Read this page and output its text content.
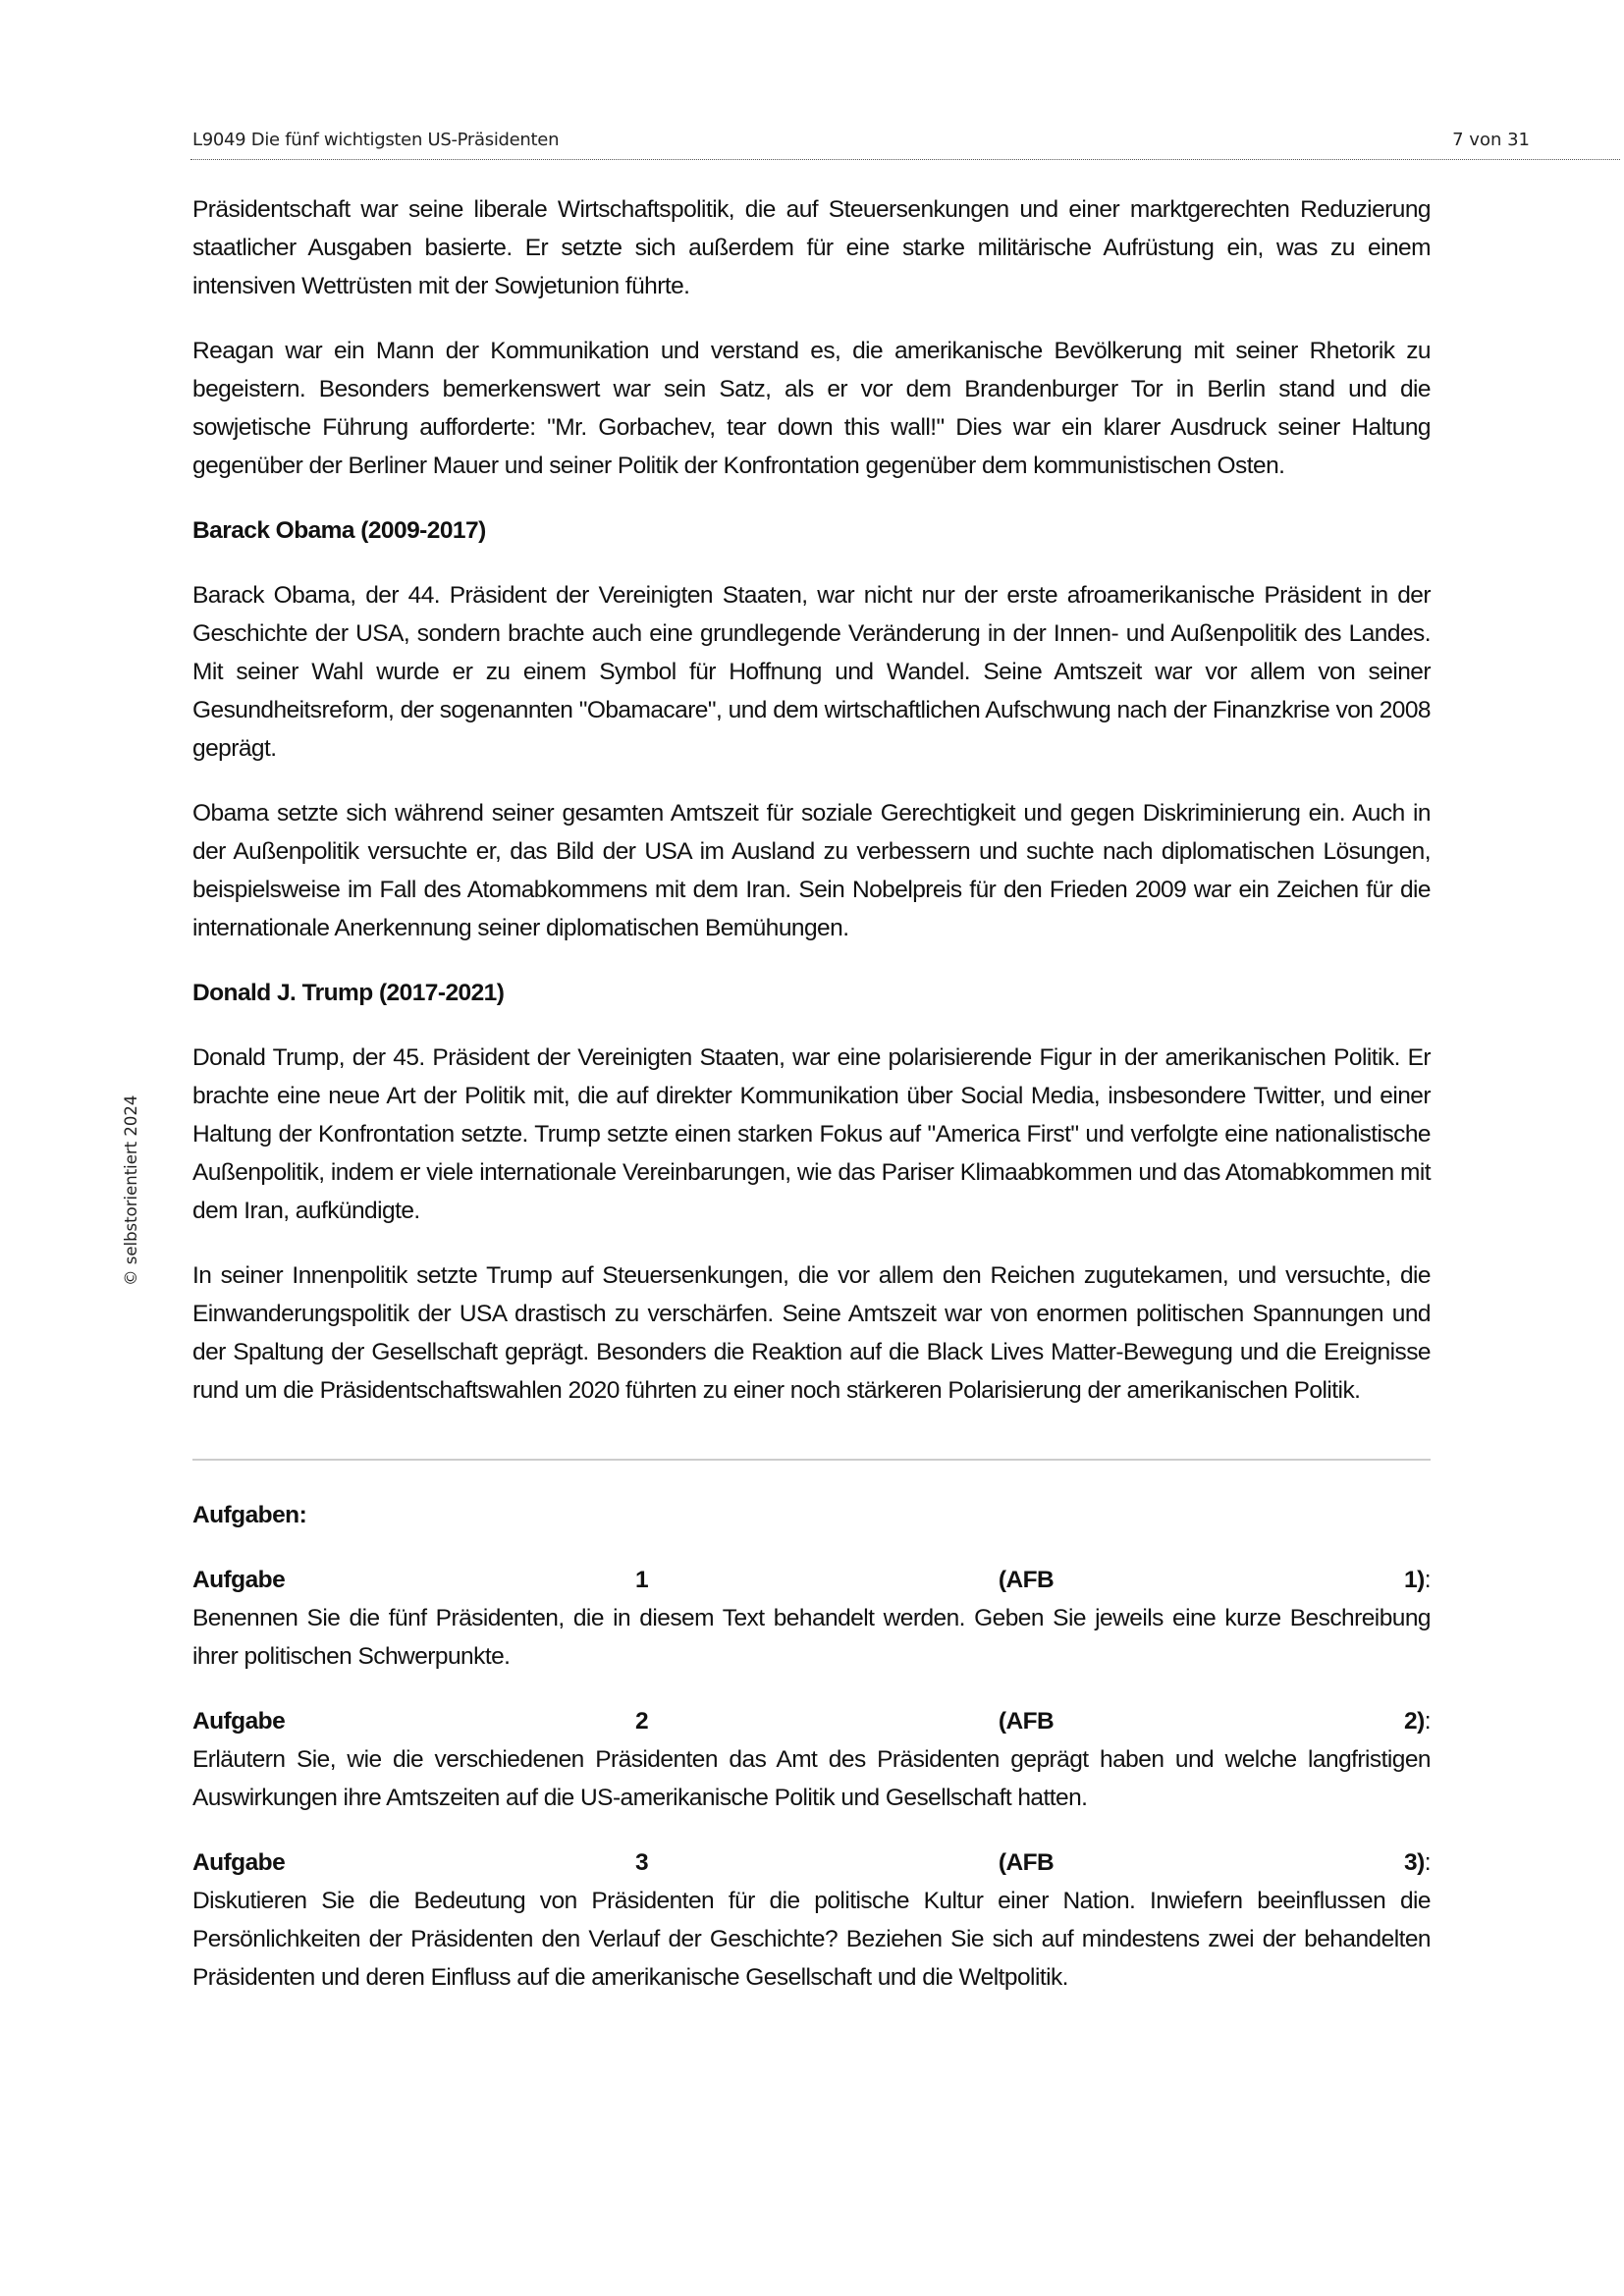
L9049 Die fünf wichtigsten US-Präsidenten	7 von 31
© selbstorientiert 2024

Präsidentschaft war seine liberale Wirtschaftspolitik, die auf Steuersenkungen und einer marktgerechten Reduzierung staatlicher Ausgaben basierte. Er setzte sich außerdem für eine starke militärische Aufrüstung ein, was zu einem intensiven Wettrüsten mit der Sowjetunion führte.

Reagan war ein Mann der Kommunikation und verstand es, die amerikanische Bevölkerung mit seiner Rhetorik zu begeistern. Besonders bemerkenswert war sein Satz, als er vor dem Brandenburger Tor in Berlin stand und die sowjetische Führung aufforderte: "Mr. Gorbachev, tear down this wall!" Dies war ein klarer Ausdruck seiner Haltung gegenüber der Berliner Mauer und seiner Politik der Konfrontation gegenüber dem kommunistischen Osten.

Barack Obama (2009-2017)

Barack Obama, der 44. Präsident der Vereinigten Staaten, war nicht nur der erste afroamerikanische Präsident in der Geschichte der USA, sondern brachte auch eine grundlegende Veränderung in der Innen- und Außenpolitik des Landes. Mit seiner Wahl wurde er zu einem Symbol für Hoffnung und Wandel. Seine Amtszeit war vor allem von seiner Gesundheitsreform, der sogenannten "Obamacare", und dem wirtschaftlichen Aufschwung nach der Finanzkrise von 2008 geprägt.

Obama setzte sich während seiner gesamten Amtszeit für soziale Gerechtigkeit und gegen Diskriminierung ein. Auch in der Außenpolitik versuchte er, das Bild der USA im Ausland zu verbessern und suchte nach diplomatischen Lösungen, beispielsweise im Fall des Atomabkommens mit dem Iran. Sein Nobelpreis für den Frieden 2009 war ein Zeichen für die internationale Anerkennung seiner diplomatischen Bemühungen.

Donald J. Trump (2017-2021)

Donald Trump, der 45. Präsident der Vereinigten Staaten, war eine polarisierende Figur in der amerikanischen Politik. Er brachte eine neue Art der Politik mit, die auf direkter Kommunikation über Social Media, insbesondere Twitter, und einer Haltung der Konfrontation setzte. Trump setzte einen starken Fokus auf "America First" und verfolgte eine nationalistische Außenpolitik, indem er viele internationale Vereinbarungen, wie das Pariser Klimaabkommen und das Atomabkommen mit dem Iran, aufkündigte.

In seiner Innenpolitik setzte Trump auf Steuersenkungen, die vor allem den Reichen zugutekamen, und versuchte, die Einwanderungspolitik der USA drastisch zu verschärfen. Seine Amtszeit war von enormen politischen Spannungen und der Spaltung der Gesellschaft geprägt. Besonders die Reaktion auf die Black Lives Matter-Bewegung und die Ereignisse rund um die Präsidentschaftswahlen 2020 führten zu einer noch stärkeren Polarisierung der amerikanischen Politik.

Aufgaben:
Aufgabe	1	(AFB	1):
Benennen Sie die fünf Präsidenten, die in diesem Text behandelt werden. Geben Sie jeweils eine kurze Beschreibung ihrer politischen Schwerpunkte.
Aufgabe	2	(AFB	2):
Erläutern Sie, wie die verschiedenen Präsidenten das Amt des Präsidenten geprägt haben und welche langfristigen Auswirkungen ihre Amtszeiten auf die US-amerikanische Politik und Gesellschaft hatten.
Aufgabe	3	(AFB	3):
Diskutieren Sie die Bedeutung von Präsidenten für die politische Kultur einer Nation. Inwiefern beeinflussen die Persönlichkeiten der Präsidenten den Verlauf der Geschichte? Beziehen Sie sich auf mindestens zwei der behandelten Präsidenten und deren Einfluss auf die amerikanische Gesellschaft und die Weltpolitik.
